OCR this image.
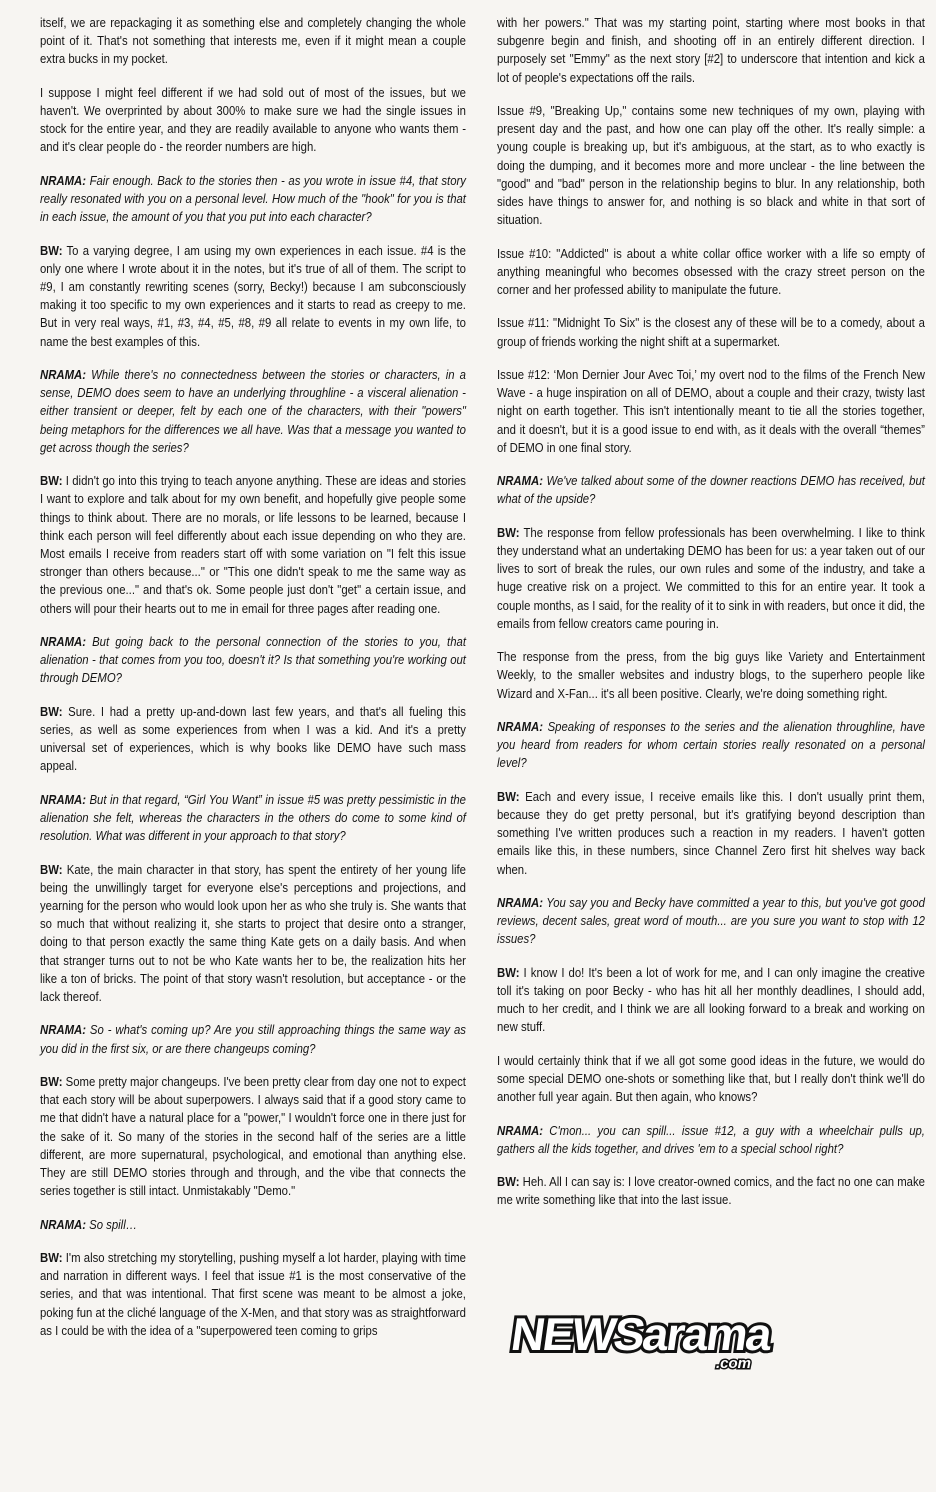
itself, we are repackaging it as something else and completely changing the whole point of it. That's not something that interests me, even if it might mean a couple extra bucks in my pocket.

I suppose I might feel different if we had sold out of most of the issues, but we haven't. We overprinted by about 300% to make sure we had the single issues in stock for the entire year, and they are readily available to anyone who wants them - and it's clear people do - the reorder numbers are high.

NRAMA: Fair enough. Back to the stories then - as you wrote in issue #4, that story really resonated with you on a personal level. How much of the "hook" for you is that in each issue, the amount of you that you put into each character?

BW: To a varying degree, I am using my own experiences in each issue. #4 is the only one where I wrote about it in the notes, but it's true of all of them. The script to #9, I am constantly rewriting scenes (sorry, Becky!) because I am subconsciously making it too specific to my own experiences and it starts to read as creepy to me. But in very real ways, #1, #3, #4, #5, #8, #9 all relate to events in my own life, to name the best examples of this.

NRAMA: While there's no connectedness between the stories or characters, in a sense, DEMO does seem to have an underlying throughline - a visceral alienation - either transient or deeper, felt by each one of the characters, with their "powers" being metaphors for the differences we all have. Was that a message you wanted to get across though the series?

BW: I didn't go into this trying to teach anyone anything. These are ideas and stories I want to explore and talk about for my own benefit, and hopefully give people some things to think about. There are no morals, or life lessons to be learned, because I think each person will feel differently about each issue depending on who they are. Most emails I receive from readers start off with some variation on "I felt this issue stronger than others because..." or "This one didn't speak to me the same way as the previous one..." and that's ok. Some people just don't "get" a certain issue, and others will pour their hearts out to me in email for three pages after reading one.

NRAMA: But going back to the personal connection of the stories to you, that alienation - that comes from you too, doesn't it? Is that something you're working out through DEMO?

BW: Sure. I had a pretty up-and-down last few years, and that's all fueling this series, as well as some experiences from when I was a kid. And it's a pretty universal set of experiences, which is why books like DEMO have such mass appeal.

NRAMA: But in that regard, “Girl You Want” in issue #5 was pretty pessimistic in the alienation she felt, whereas the characters in the others do come to some kind of resolution. What was different in your approach to that story?

BW: Kate, the main character in that story, has spent the entirety of her young life being the unwillingly target for everyone else's perceptions and projections, and yearning for the person who would look upon her as who she truly is. She wants that so much that without realizing it, she starts to project that desire onto a stranger, doing to that person exactly the same thing Kate gets on a daily basis. And when that stranger turns out to not be who Kate wants her to be, the realization hits her like a ton of bricks. The point of that story wasn't resolution, but acceptance - or the lack thereof.

NRAMA: So - what's coming up? Are you still approaching things the same way as you did in the first six, or are there changeups coming?

BW: Some pretty major changeups. I've been pretty clear from day one not to expect that each story will be about superpowers. I always said that if a good story came to me that didn't have a natural place for a "power," I wouldn't force one in there just for the sake of it. So many of the stories in the second half of the series are a little different, are more supernatural, psychological, and emotional than anything else. They are still DEMO stories through and through, and the vibe that connects the series together is still intact. Unmistakably "Demo."

NRAMA: So spill…

BW: I'm also stretching my storytelling, pushing myself a lot harder, playing with time and narration in different ways. I feel that issue #1 is the most conservative of the series, and that was intentional. That first scene was meant to be almost a joke, poking fun at the cliché language of the X-Men, and that story was as straightforward as I could be with the idea of a "superpowered teen coming to grips

with her powers." That was my starting point, starting where most books in that subgenre begin and finish, and shooting off in an entirely different direction. I purposely set "Emmy" as the next story [#2] to underscore that intention and kick a lot of people's expectations off the rails.

Issue #9, "Breaking Up," contains some new techniques of my own, playing with present day and the past, and how one can play off the other. It's really simple: a young couple is breaking up, but it's ambiguous, at the start, as to who exactly is doing the dumping, and it becomes more and more unclear - the line between the "good" and "bad" person in the relationship begins to blur. In any relationship, both sides have things to answer for, and nothing is so black and white in that sort of situation.

Issue #10: "Addicted" is about a white collar office worker with a life so empty of anything meaningful who becomes obsessed with the crazy street person on the corner and her professed ability to manipulate the future.

Issue #11: "Midnight To Six" is the closest any of these will be to a comedy, about a group of friends working the night shift at a supermarket.

Issue #12: ‘Mon Dernier Jour Avec Toi,’ my overt nod to the films of the French New Wave - a huge inspiration on all of DEMO, about a couple and their crazy, twisty last night on earth together. This isn't intentionally meant to tie all the stories together, and it doesn't, but it is a good issue to end with, as it deals with the overall “themes” of DEMO in one final story.

NRAMA: We've talked about some of the downer reactions DEMO has received, but what of the upside?

BW: The response from fellow professionals has been overwhelming. I like to think they understand what an undertaking DEMO has been for us: a year taken out of our lives to sort of break the rules, our own rules and some of the industry, and take a huge creative risk on a project. We committed to this for an entire year. It took a couple months, as I said, for the reality of it to sink in with readers, but once it did, the emails from fellow creators came pouring in.

The response from the press, from the big guys like Variety and Entertainment Weekly, to the smaller websites and industry blogs, to the superhero people like Wizard and X-Fan... it's all been positive. Clearly, we're doing something right.

NRAMA: Speaking of responses to the series and the alienation throughline, have you heard from readers for whom certain stories really resonated on a personal level?

BW: Each and every issue, I receive emails like this. I don't usually print them, because they do get pretty personal, but it's gratifying beyond description than something I've written produces such a reaction in my readers. I haven't gotten emails like this, in these numbers, since Channel Zero first hit shelves way back when.

NRAMA: You say you and Becky have committed a year to this, but you've got good reviews, decent sales, great word of mouth... are you sure you want to stop with 12 issues?

BW: I know I do! It's been a lot of work for me, and I can only imagine the creative toll it's taking on poor Becky - who has hit all her monthly deadlines, I should add, much to her credit, and I think we are all looking forward to a break and working on new stuff.

I would certainly think that if we all got some good ideas in the future, we would do some special DEMO one-shots or something like that, but I really don't think we'll do another full year again. But then again, who knows?

NRAMA: C'mon... you can spill... issue #12, a guy with a wheelchair pulls up, gathers all the kids together, and drives 'em to a special school right?

BW: Heh. All I can say is: I love creator-owned comics, and the fact no one can make me write something like that into the last issue.

NEWSarama
.com
